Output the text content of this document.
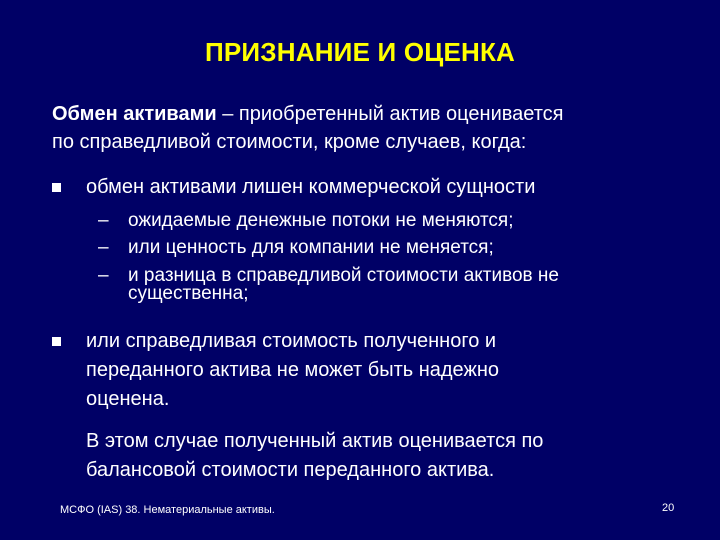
ПРИЗНАНИЕ И ОЦЕНКА
Обмен активами – приобретенный актив оценивается
по справедливой стоимости, кроме случаев, когда:
обмен активами лишен коммерческой сущности
– ожидаемые денежные потоки не меняются;
– или ценность для компании не меняется;
– и разница в справедливой стоимости активов не
существенна;
или справедливая стоимость полученного и
переданного актива не может быть надежно
оценена.
В этом случае полученный актив оценивается по
балансовой стоимости переданного актива.
МСФО (IAS) 38. Нематериальные активы.	20
